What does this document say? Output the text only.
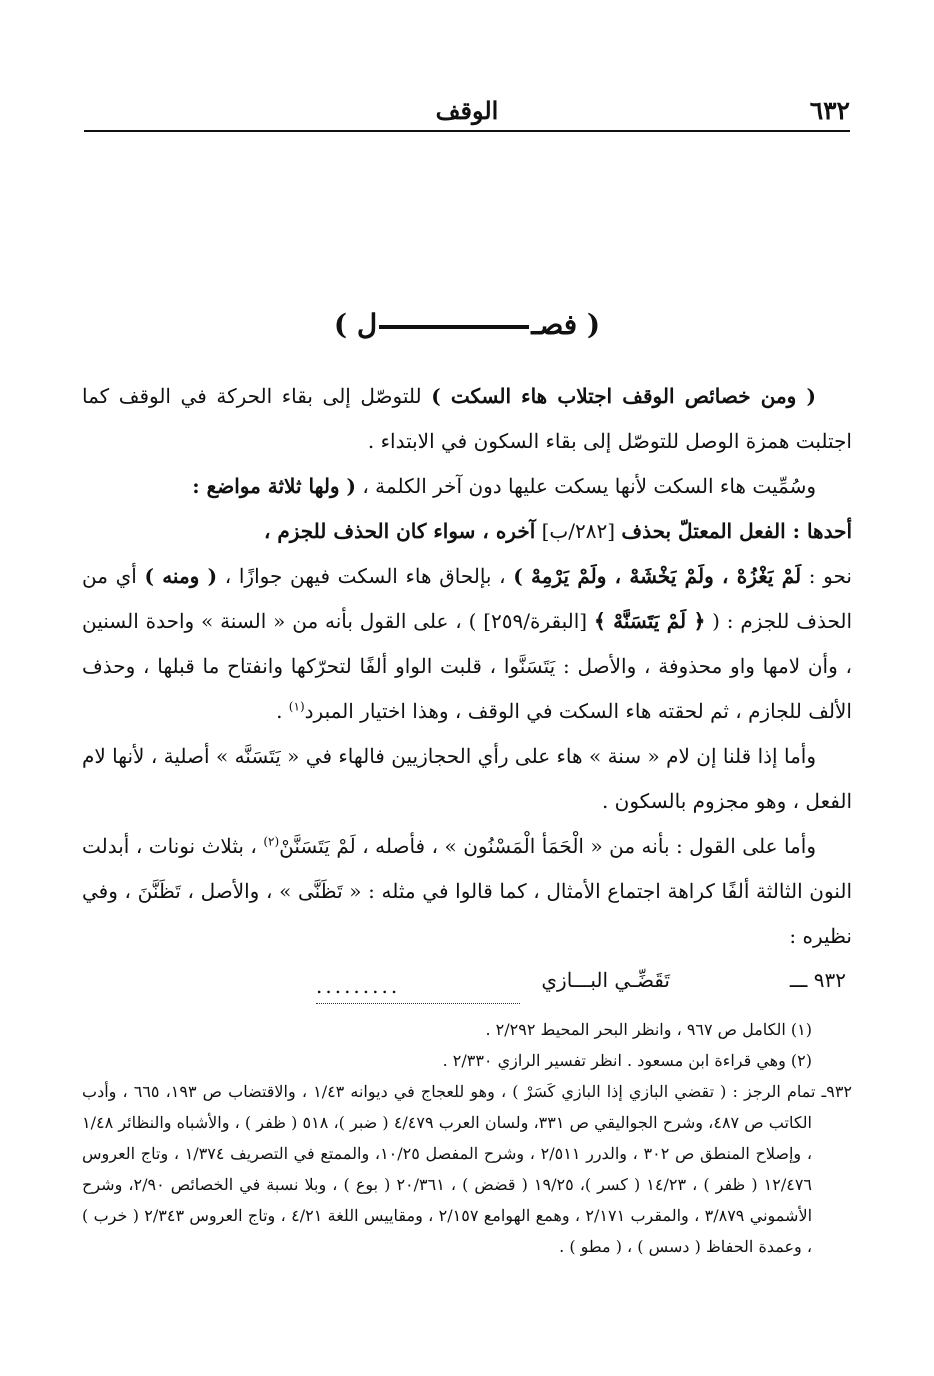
٦٣٢
الوقف
( فصـل )

( ومن خصائص الوقف اجتلاب هاء السكت ) للتوصّل إلى بقاء الحركة في الوقف كما اجتلبت همزة الوصل للتوصّل إلى بقاء السكون في الابتداء .

وسُمِّيت هاء السكت لأنها يسكت عليها دون آخر الكلمة ، ( ولها ثلاثة مواضع :

أحدها : الفعل المعتلّ بحذف [٢٨٢/ب] آخره ، سواء كان الحذف للجزم ،

نحو : لَمْ يَغْزُهْ ، ولَمْ يَخْشَهْ ، ولَمْ يَرْمِهْ ) ، بإلحاق هاء السكت فيهن جوازًا ، ( ومنه ) أي من الحذف للجزم : ( ﴿ لَمْ يَتَسَنَّهْ ﴾ [البقرة/٢٥٩] ) ، على القول بأنه من « السنة » واحدة السنين ، وأن لامها واو محذوفة ، والأصل : يَتَسَنَّوا ، قلبت الواو ألفًا لتحرّكها وانفتاح ما قبلها ، وحذف الألف للجازم ، ثم لحقته هاء السكت في الوقف ، وهذا اختيار المبرد$^{(١)}$ .

وأما إذا قلنا إن لام « سنة » هاء على رأي الحجازيين فالهاء في « يَتَسَنَّه » أصلية ، لأنها لام الفعل ، وهو مجزوم بالسكون .

وأما على القول : بأنه من « الْحَمَأ الْمَسْنُون » ، فأصله ، لَمْ يَتَسَنَّنْ$^{(٢)}$ ، بثلاث نونات ، أبدلت النون الثالثة ألفًا كراهة اجتماع الأمثال ، كما قالوا في مثله : « تَظَنَّى » ، والأصل ، تَظَنَّنَ ، وفي نظيره :

٩٣٢ ـــ
تَقَضِّـي البـــازي
.........

(١) الكامل ص ٩٦٧ ، وانظر البحر المحيط ٢/٢٩٢ .

(٢) وهي قراءة ابن مسعود . انظر تفسير الرازي ٢/٣٣٠ .

٩٣٢ـ تمام الرجز : ( تقضي البازي إذا البازي كَسَرْ ) ، وهو للعجاج في ديوانه ١/٤٣ ، والاقتضاب ص ١٩٣، ٦٦٥ ، وأدب الكاتب ص ٤٨٧، وشرح الجواليقي ص ٣٣١، ولسان العرب ٤/٤٧٩ ( ضبر )، ٥١٨ ( ظفر ) ، والأشباه والنظائر ١/٤٨ ، وإصلاح المنطق ص ٣٠٢ ، والدرر ٢/٥١١ ، وشرح المفصل ١٠/٢٥، والممتع في التصريف ١/٣٧٤ ، وتاج العروس ١٢/٤٧٦ ( ظفر ) ، ١٤/٢٣ ( كسر )، ١٩/٢٥ ( قضض ) ، ٢٠/٣٦١ ( بوع ) ، وبلا نسبة في الخصائص ٢/٩٠، وشرح الأشموني ٣/٨٧٩ ، والمقرب ٢/١٧١ ، وهمع الهوامع ٢/١٥٧ ، ومقاييس اللغة ٤/٢١ ، وتاج العروس ٢/٣٤٣ ( خرب ) ، وعمدة الحفاظ ( دسس ) ، ( مطو ) .
